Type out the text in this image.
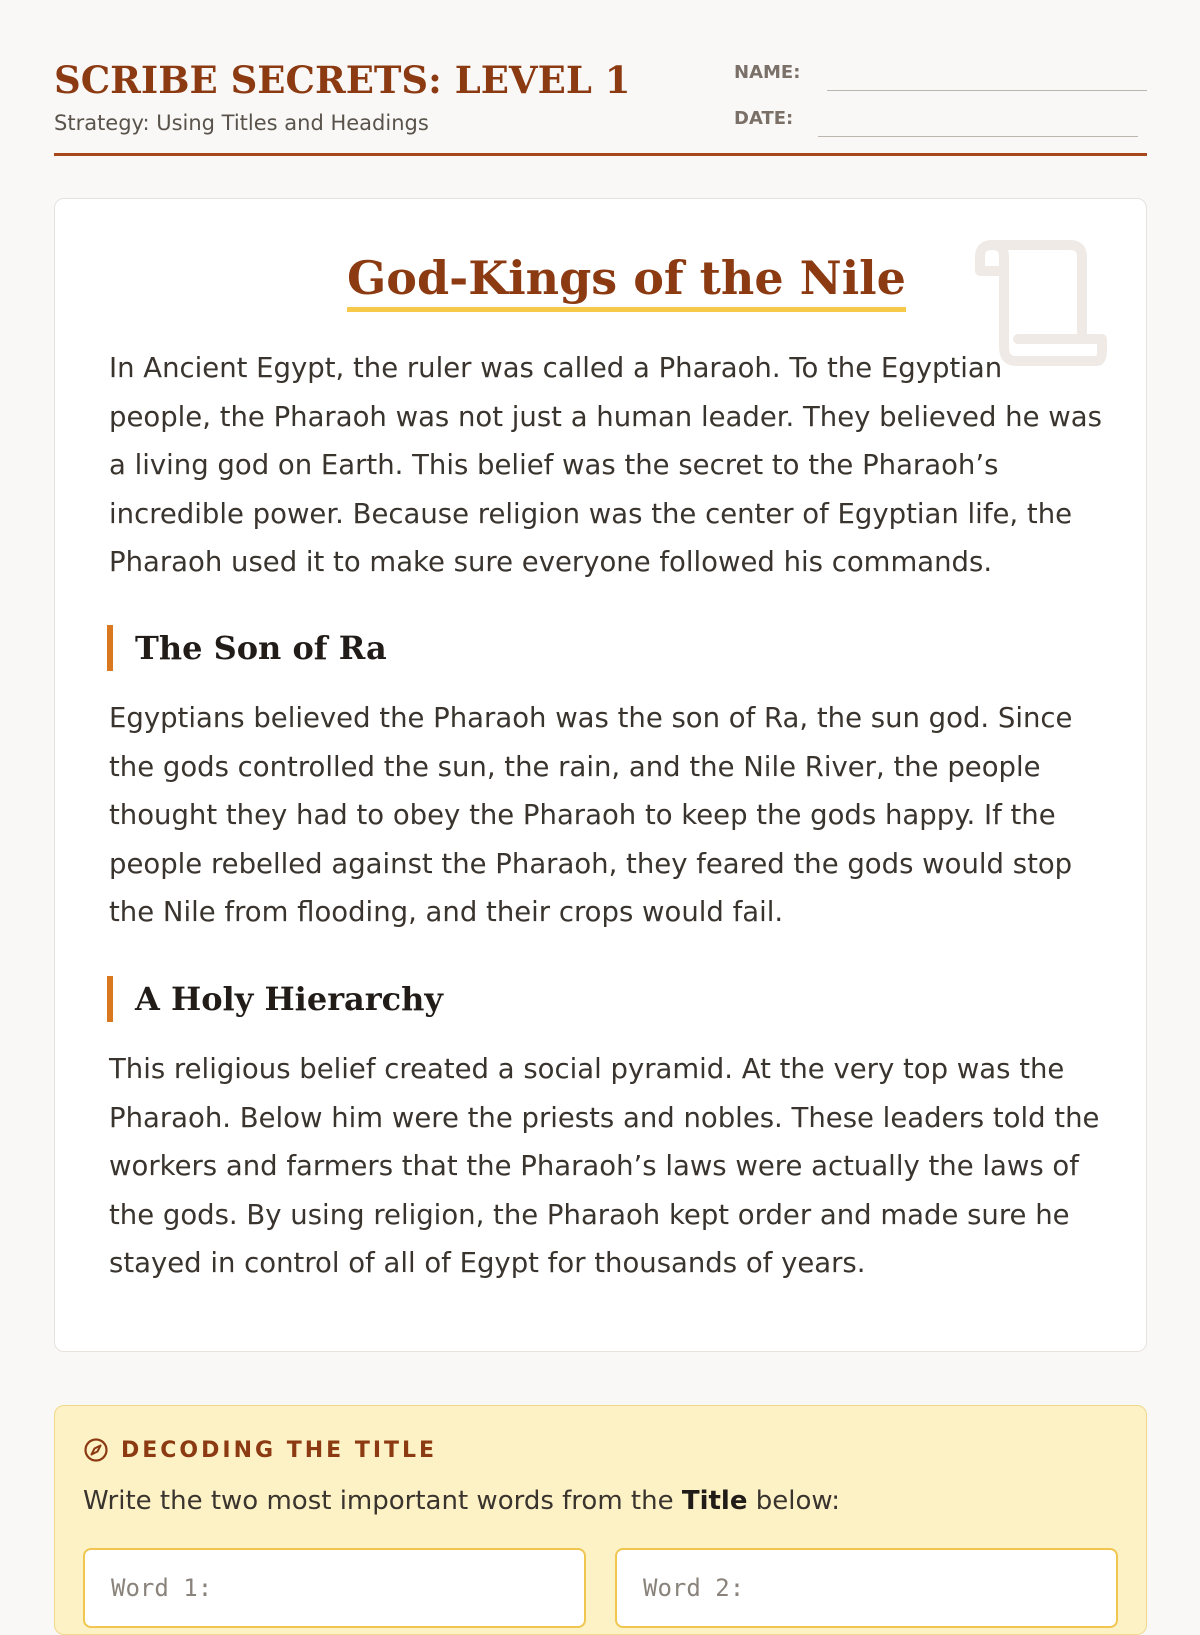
SCRIBE SECRETS: LEVEL 1
Strategy: Using Titles and Headings
NAME:
DATE:
God-Kings of the Nile

In Ancient Egypt, the ruler was called a Pharaoh. To the Egyptian people, the Pharaoh was not just a human leader. They believed he was a living god on Earth. This belief was the secret to the Pharaoh’s incredible power. Because religion was the center of Egyptian life, the Pharaoh used it to make sure everyone followed his commands.

The Son of Ra

Egyptians believed the Pharaoh was the son of Ra, the sun god. Since the gods controlled the sun, the rain, and the Nile River, the people thought they had to obey the Pharaoh to keep the gods happy. If the people rebelled against the Pharaoh, they feared the gods would stop the Nile from flooding, and their crops would fail.

A Holy Hierarchy

This religious belief created a social pyramid. At the very top was the Pharaoh. Below him were the priests and nobles. These leaders told the workers and farmers that the Pharaoh’s laws were actually the laws of the gods. By using religion, the Pharaoh kept order and made sure he stayed in control of all of Egypt for thousands of years.

DECODING THE TITLE
Write the two most important words from the Title below:
Word 1:
Word 2:
